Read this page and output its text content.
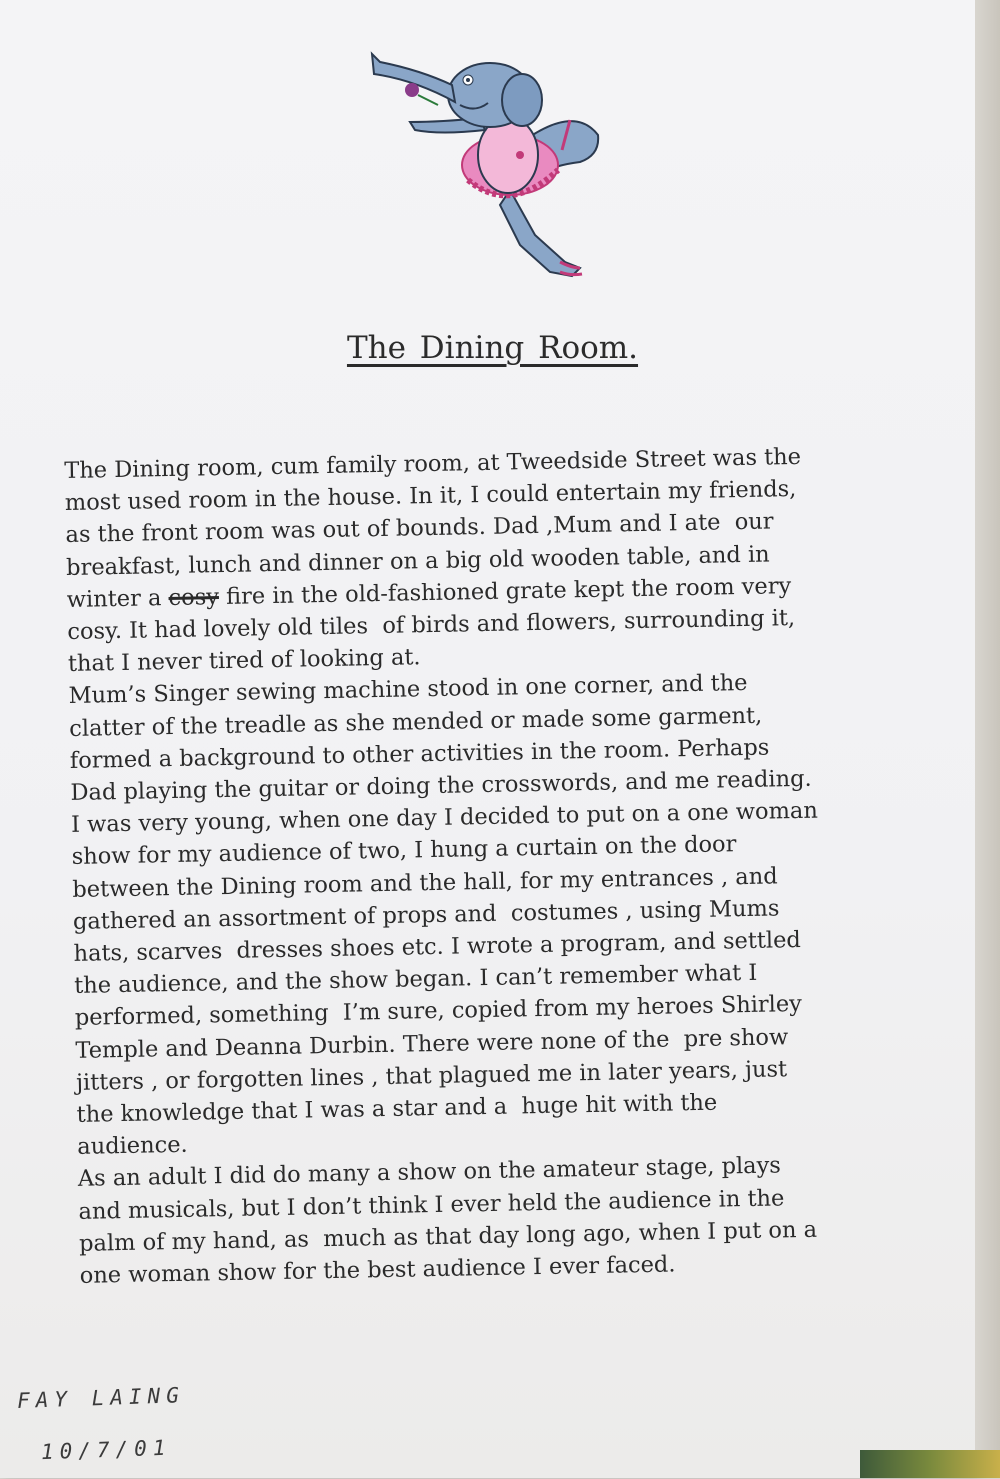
The Dining Room.
The Dining room, cum family room, at Tweedside Street was the
most used room in the house. In it, I could entertain my friends,
as the front room was out of bounds. Dad ,Mum and I ate  our
breakfast, lunch and dinner on a big old wooden table, and in
winter a cosy fire in the old-fashioned grate kept the room very
cosy. It had lovely old tiles  of birds and flowers, surrounding it,
that I never tired of looking at.
Mum’s Singer sewing machine stood in one corner, and the
clatter of the treadle as she mended or made some garment,
formed a background to other activities in the room. Perhaps
Dad playing the guitar or doing the crosswords, and me reading.
I was very young, when one day I decided to put on a one woman
show for my audience of two, I hung a curtain on the door
between the Dining room and the hall, for my entrances , and
gathered an assortment of props and  costumes , using Mums
hats, scarves  dresses shoes etc. I wrote a program, and settled
the audience, and the show began. I can’t remember what I
performed, something  I’m sure, copied from my heroes Shirley
Temple and Deanna Durbin. There were none of the  pre show
jitters , or forgotten lines , that plagued me in later years, just
the knowledge that I was a star and a  huge hit with the
audience.
As an adult I did do many a show on the amateur stage, plays
and musicals, but I don’t think I ever held the audience in the
palm of my hand, as  much as that day long ago, when I put on a
one woman show for the best audience I ever faced.
FAY LAING
10/7/01
